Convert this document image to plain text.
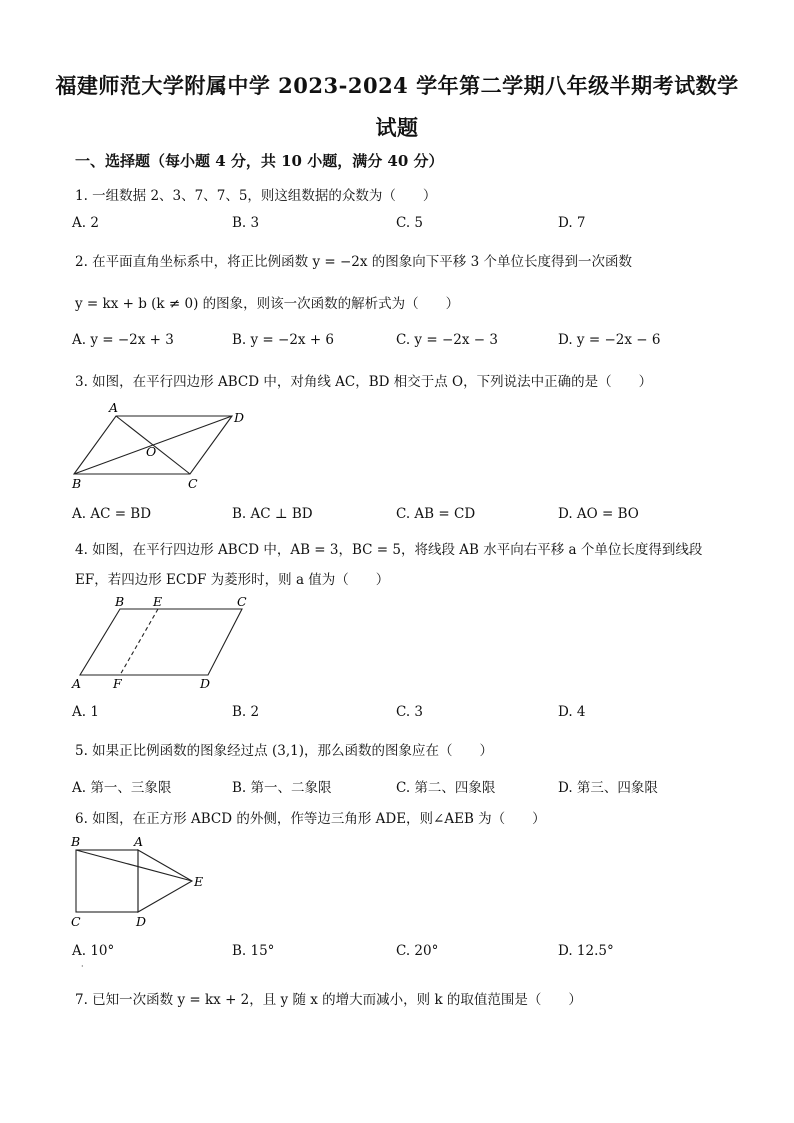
福建师范大学附属中学 2023-2024 学年第二学期八年级半期考试数学
试题
一、选择题（每小题 4 分，共 10 小题，满分 40 分）
1. 一组数据 2、3、7、7、5，则这组数据的众数为（　　）
A. 2	B. 3	C. 5	D. 7
2. 在平面直角坐标系中，将正比例函数 y = −2x 的图象向下平移 3 个单位长度得到一次函数
y = kx + b (k ≠ 0) 的图象，则该一次函数的解析式为（　　）
A. y = −2x + 3	B. y = −2x + 6	C. y = −2x − 3	D. y = −2x − 6
3. 如图，在平行四边形 ABCD 中，对角线 AC，BD 相交于点 O，下列说法中正确的是（　　）
A
D
O
B	C
A. AC = BD	B. AC ⊥ BD	C. AB = CD	D. AO = BO
4. 如图，在平行四边形 ABCD 中，AB = 3，BC = 5，将线段 AB 水平向右平移 a 个单位长度得到线段
EF，若四边形 ECDF 为菱形时，则 a 值为（　　）
B E	C
A	F	D
A. 1	B. 2	C. 3	D. 4
5. 如果正比例函数的图象经过点 (3,1)，那么函数的图象应在（　　）
A. 第一、三象限	B. 第一、二象限	C. 第二、四象限	D. 第三、四象限
6. 如图，在正方形 ABCD 的外侧，作等边三角形 ADE，则∠AEB 为（　　）
B	A
E
C	D
A. 10°	B. 15°	C. 20°	D. 12.5°
·
7. 已知一次函数 y = kx + 2，且 y 随 x 的增大而减小，则 k 的取值范围是（　　）
